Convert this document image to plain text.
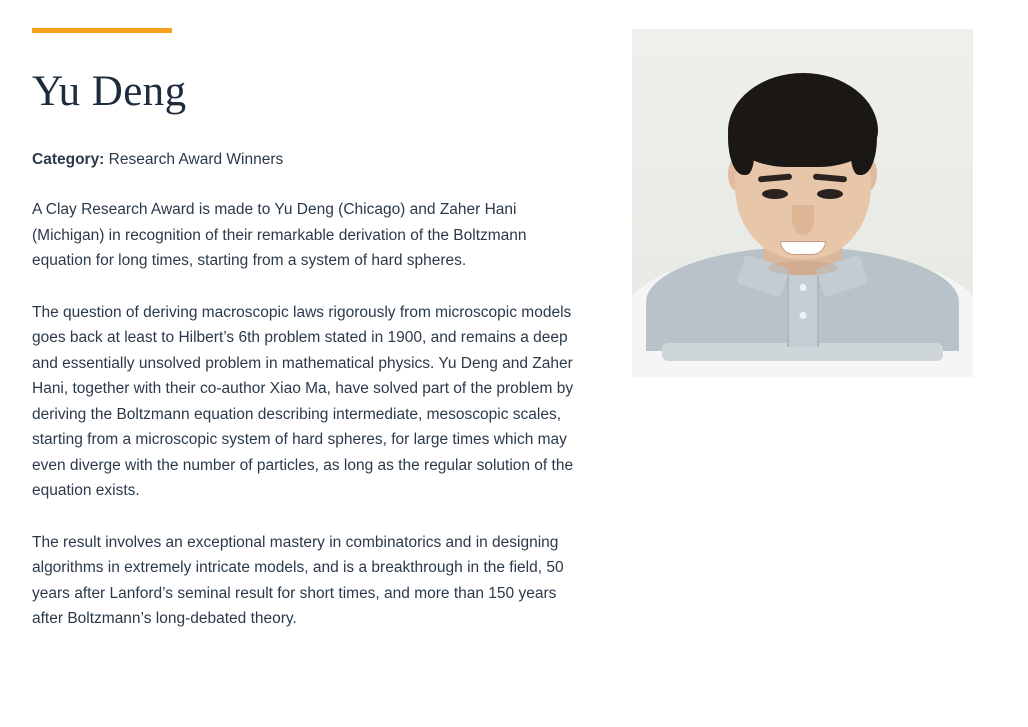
Yu Deng

Category: Research Award Winners

A Clay Research Award is made to Yu Deng (Chicago) and Zaher Hani (Michigan) in recognition of their remarkable derivation of the Boltzmann equation for long times, starting from a system of hard spheres.

The question of deriving macroscopic laws rigorously from microscopic models goes back at least to Hilbert’s 6th problem stated in 1900, and remains a deep and essentially unsolved problem in mathematical physics. Yu Deng and Zaher Hani, together with their co-author Xiao Ma, have solved part of the problem by deriving the Boltzmann equation describing intermediate, mesoscopic scales, starting from a microscopic system of hard spheres, for large times which may even diverge with the number of particles, as long as the regular solution of the equation exists.

The result involves an exceptional mastery in combinatorics and in designing algorithms in extremely intricate models, and is a breakthrough in the field, 50 years after Lanford’s seminal result for short times, and more than 150 years after Boltzmann’s long-debated theory.
